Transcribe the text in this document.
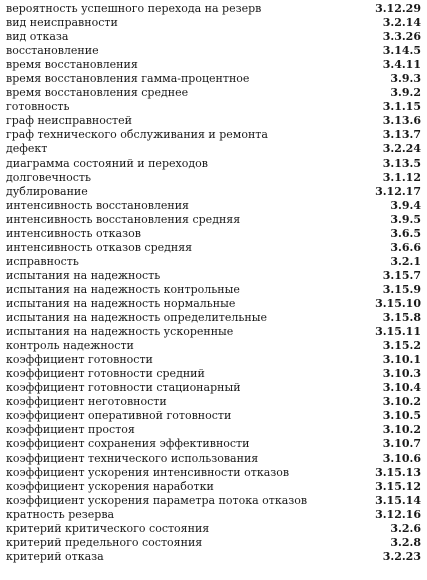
вероятность успешного перехода на резерв	3.12.29
вид неисправности	3.2.14
вид отказа	3.3.26
восстановление	3.14.5
время восстановления	3.4.11
время восстановления гамма-процентное	3.9.3
время восстановления среднее	3.9.2
готовность	3.1.15
граф неисправностей	3.13.6
граф технического обслуживания и ремонта	3.13.7
дефект	3.2.24
диаграмма состояний и переходов	3.13.5
долговечность	3.1.12
дублирование	3.12.17
интенсивность восстановления	3.9.4
интенсивность восстановления средняя	3.9.5
интенсивность отказов	3.6.5
интенсивность отказов средняя	3.6.6
исправность	3.2.1
испытания на надежность	3.15.7
испытания на надежность контрольные	3.15.9
испытания на надежность нормальные	3.15.10
испытания на надежность определительные	3.15.8
испытания на надежность ускоренные	3.15.11
контроль надежности	3.15.2
коэффициент готовности	3.10.1
коэффициент готовности средний	3.10.3
коэффициент готовности стационарный	3.10.4
коэффициент неготовности	3.10.2
коэффициент оперативной готовности	3.10.5
коэффициент простоя	3.10.2
коэффициент сохранения эффективности	3.10.7
коэффициент технического использования	3.10.6
коэффициент ускорения интенсивности отказов	3.15.13
коэффициент ускорения наработки	3.15.12
коэффициент ускорения параметра потока отказов	3.15.14
кратность резерва	3.12.16
критерий критического состояния	3.2.6
критерий предельного состояния	3.2.8
критерий отказа	3.2.23
